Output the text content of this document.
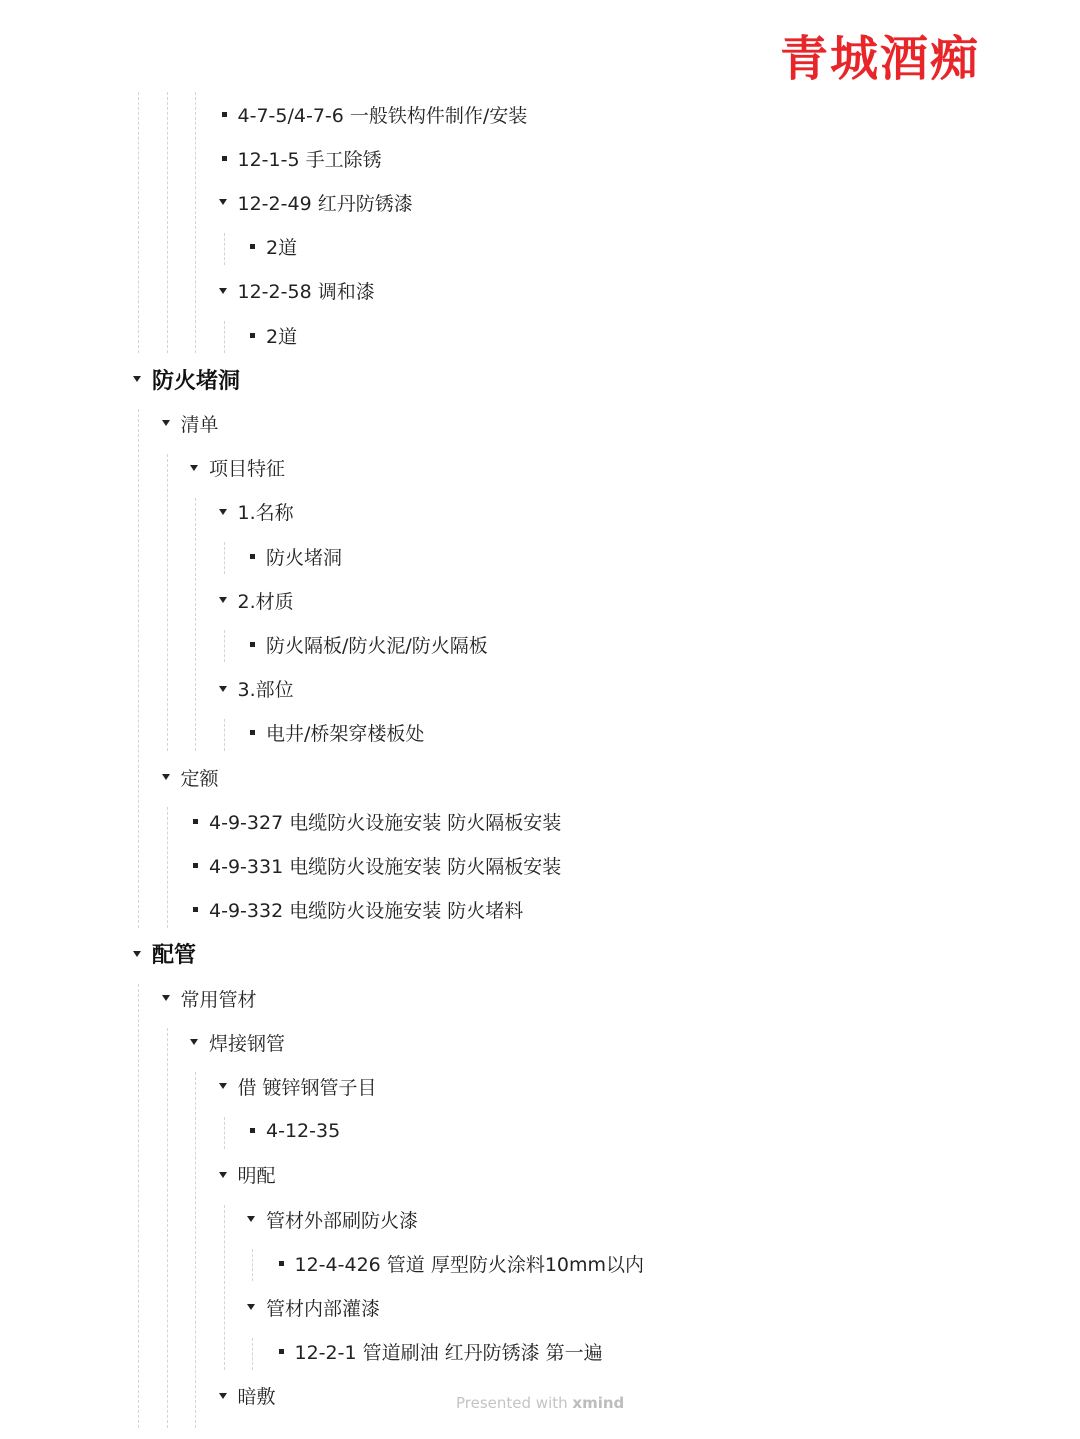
青城酒痴
4-7-5/4-7-6 一般铁构件制作/安装
12-1-5 手工除锈
12-2-49 红丹防锈漆
2道
12-2-58 调和漆
2道
防火堵洞
清单
项目特征
1.名称
防火堵洞
2.材质
防火隔板/防火泥/防火隔板
3.部位
电井/桥架穿楼板处
定额
4-9-327 电缆防火设施安装 防火隔板安装
4-9-331 电缆防火设施安装 防火隔板安装
4-9-332 电缆防火设施安装 防火堵料
配管
常用管材
焊接钢管
借 镀锌钢管子目
4-12-35
明配
管材外部刷防火漆
12-4-426 管道 厚型防火涂料10mm以内
管材内部灌漆
12-2-1 管道刷油 红丹防锈漆 第一遍
暗敷	Presented with xmind
